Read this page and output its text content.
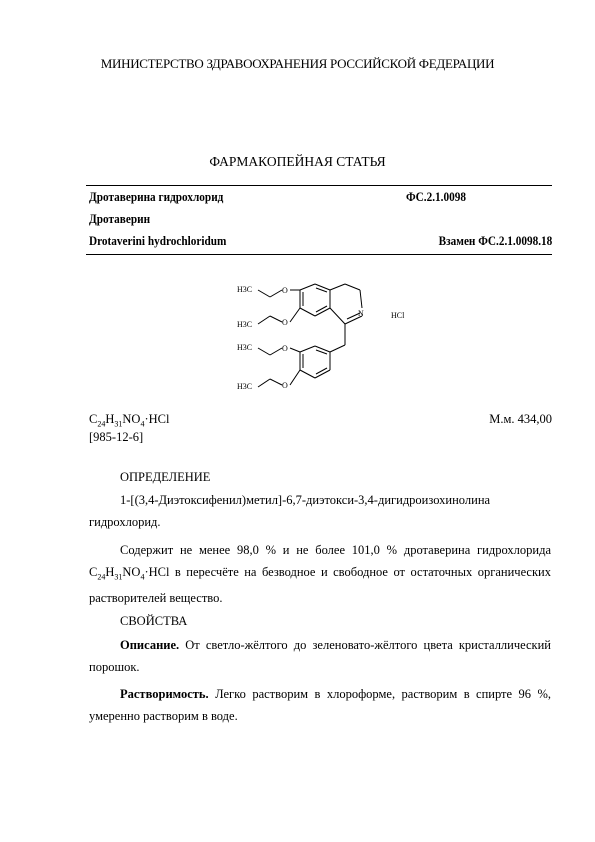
МИНИСТЕРСТВО ЗДРАВООХРАНЕНИЯ РОССИЙСКОЙ ФЕДЕРАЦИИ
ФАРМАКОПЕЙНАЯ СТАТЬЯ
Дротаверина гидрохлорид	ФС.2.1.0098
Дротаверин
Drotaverini hydrochloridum	Взамен ФС.2.1.0098.18
H3C
H3C
H3C
H3C
O
O
O
O
N	HCl
$C_{24}H_{31}NO_4\cdot HCl$	М.м. 434,00
[985-12-6]
ОПРЕДЕЛЕНИЕ
1-[(3,4-Диэтоксифенил)метил]-6,7-диэтокси-3,4-дигидроизохинолина гидрохлорид.
Содержит не менее 98,0 % и не более 101,0 % дротаверина гидрохлорида $C_{24}H_{31}NO_4\cdot HCl$ в пересчёте на безводное и свободное от остаточных органических растворителей вещество.
СВОЙСТВА
Описание. От светло-жёлтого до зеленовато-жёлтого цвета кристаллический порошок.
Растворимость. Легко растворим в хлороформе, растворим в спирте 96 %, умеренно растворим в воде.
